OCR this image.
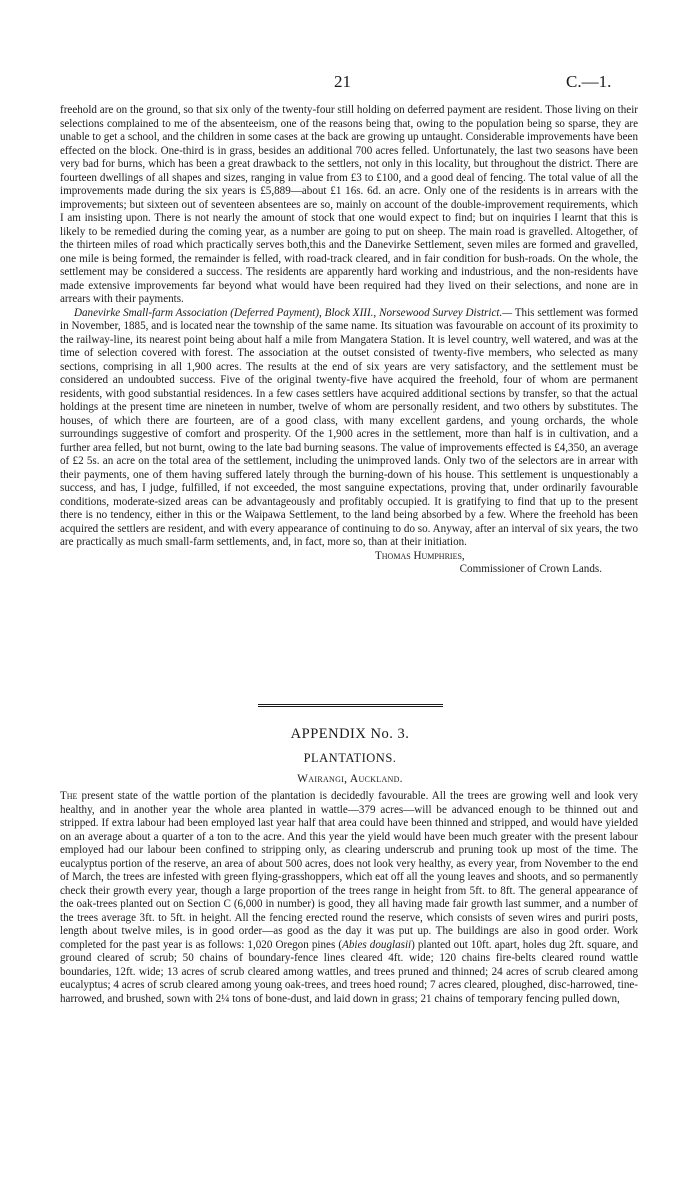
21	C.—1.

freehold are on the ground, so that six only of the twenty-four still holding on deferred payment are resident. Those living on their selections complained to me of the absenteeism, one of the reasons being that, owing to the population being so sparse, they are unable to get a school, and the children in some cases at the back are growing up untaught. Considerable improvements have been effected on the block. One-third is in grass, besides an additional 700 acres felled. Unfortunately, the last two seasons have been very bad for burns, which has been a great drawback to the settlers, not only in this locality, but throughout the district. There are fourteen dwellings of all shapes and sizes, ranging in value from £3 to £100, and a good deal of fencing. The total value of all the improvements made during the six years is £5,889—about £1 16s. 6d. an acre. Only one of the residents is in arrears with the improvements; but sixteen out of seventeen absentees are so, mainly on account of the double-improvement requirements, which I am insisting upon. There is not nearly the amount of stock that one would expect to find; but on inquiries I learnt that this is likely to be remedied during the coming year, as a number are going to put on sheep. The main road is gravelled. Altogether, of the thirteen miles of road which practically serves both,this and the Danevirke Settlement, seven miles are formed and gravelled, one mile is being formed, the remainder is felled, with road-track cleared, and in fair condition for bush-roads. On the whole, the settlement may be considered a success. The residents are apparently hard working and industrious, and the non-residents have made extensive improvements far beyond what would have been required had they lived on their selections, and none are in arrears with their payments.

Danevirke Small-farm Association (Deferred Payment), Block XIII., Norsewood Survey District.— This settlement was formed in November, 1885, and is located near the township of the same name. Its situation was favourable on account of its proximity to the railway-line, its nearest point being about half a mile from Mangatera Station. It is level country, well watered, and was at the time of selection covered with forest. The association at the outset consisted of twenty-five members, who selected as many sections, comprising in all 1,900 acres. The results at the end of six years are very satisfactory, and the settlement must be considered an undoubted success. Five of the original twenty-five have acquired the freehold, four of whom are permanent residents, with good substantial residences. In a few cases settlers have acquired additional sections by transfer, so that the actual holdings at the present time are nineteen in number, twelve of whom are personally resident, and two others by substitutes. The houses, of which there are fourteen, are of a good class, with many excellent gardens, and young orchards, the whole surroundings suggestive of comfort and prosperity. Of the 1,900 acres in the settlement, more than half is in cultivation, and a further area felled, but not burnt, owing to the late bad burning seasons. The value of improvements effected is £4,350, an average of £2 5s. an acre on the total area of the settlement, including the unimproved lands. Only two of the selectors are in arrear with their payments, one of them having suffered lately through the burning-down of his house. This settlement is unquestionably a success, and has, I judge, fulfilled, if not exceeded, the most sanguine expectations, proving that, under ordinarily favourable conditions, moderate-sized areas can be advantageously and profitably occupied. It is gratifying to find that up to the present there is no tendency, either in this or the Waipawa Settlement, to the land being absorbed by a few. Where the freehold has been acquired the settlers are resident, and with every appearance of continuing to do so. Anyway, after an interval of six years, the two are practically as much small-farm settlements, and, in fact, more so, than at their initiation.

Thomas Humphries,

Commissioner of Crown Lands.

APPENDIX No. 3.
PLANTATIONS.
Wairangi, Auckland.

The present state of the wattle portion of the plantation is decidedly favourable. All the trees are growing well and look very healthy, and in another year the whole area planted in wattle—379 acres—will be advanced enough to be thinned out and stripped. If extra labour had been employed last year half that area could have been thinned and stripped, and would have yielded on an average about a quarter of a ton to the acre. And this year the yield would have been much greater with the present labour employed had our labour been confined to stripping only, as clearing underscrub and pruning took up most of the time. The eucalyptus portion of the reserve, an area of about 500 acres, does not look very healthy, as every year, from November to the end of March, the trees are infested with green flying-grasshoppers, which eat off all the young leaves and shoots, and so permanently check their growth every year, though a large proportion of the trees range in height from 5ft. to 8ft. The general appearance of the oak-trees planted out on Section C (6,000 in number) is good, they all having made fair growth last summer, and a number of the trees average 3ft. to 5ft. in height. All the fencing erected round the reserve, which consists of seven wires and puriri posts, length about twelve miles, is in good order—as good as the day it was put up. The buildings are also in good order. Work completed for the past year is as follows: 1,020 Oregon pines (Abies douglasii) planted out 10ft. apart, holes dug 2ft. square, and ground cleared of scrub; 50 chains of boundary-fence lines cleared 4ft. wide; 120 chains fire-belts cleared round wattle boundaries, 12ft. wide; 13 acres of scrub cleared among wattles, and trees pruned and thinned; 24 acres of scrub cleared among eucalyptus; 4 acres of scrub cleared among young oak-trees, and trees hoed round; 7 acres cleared, ploughed, disc-harrowed, tine-harrowed, and brushed, sown with 2¼ tons of bone-dust, and laid down in grass; 21 chains of temporary fencing pulled down,
